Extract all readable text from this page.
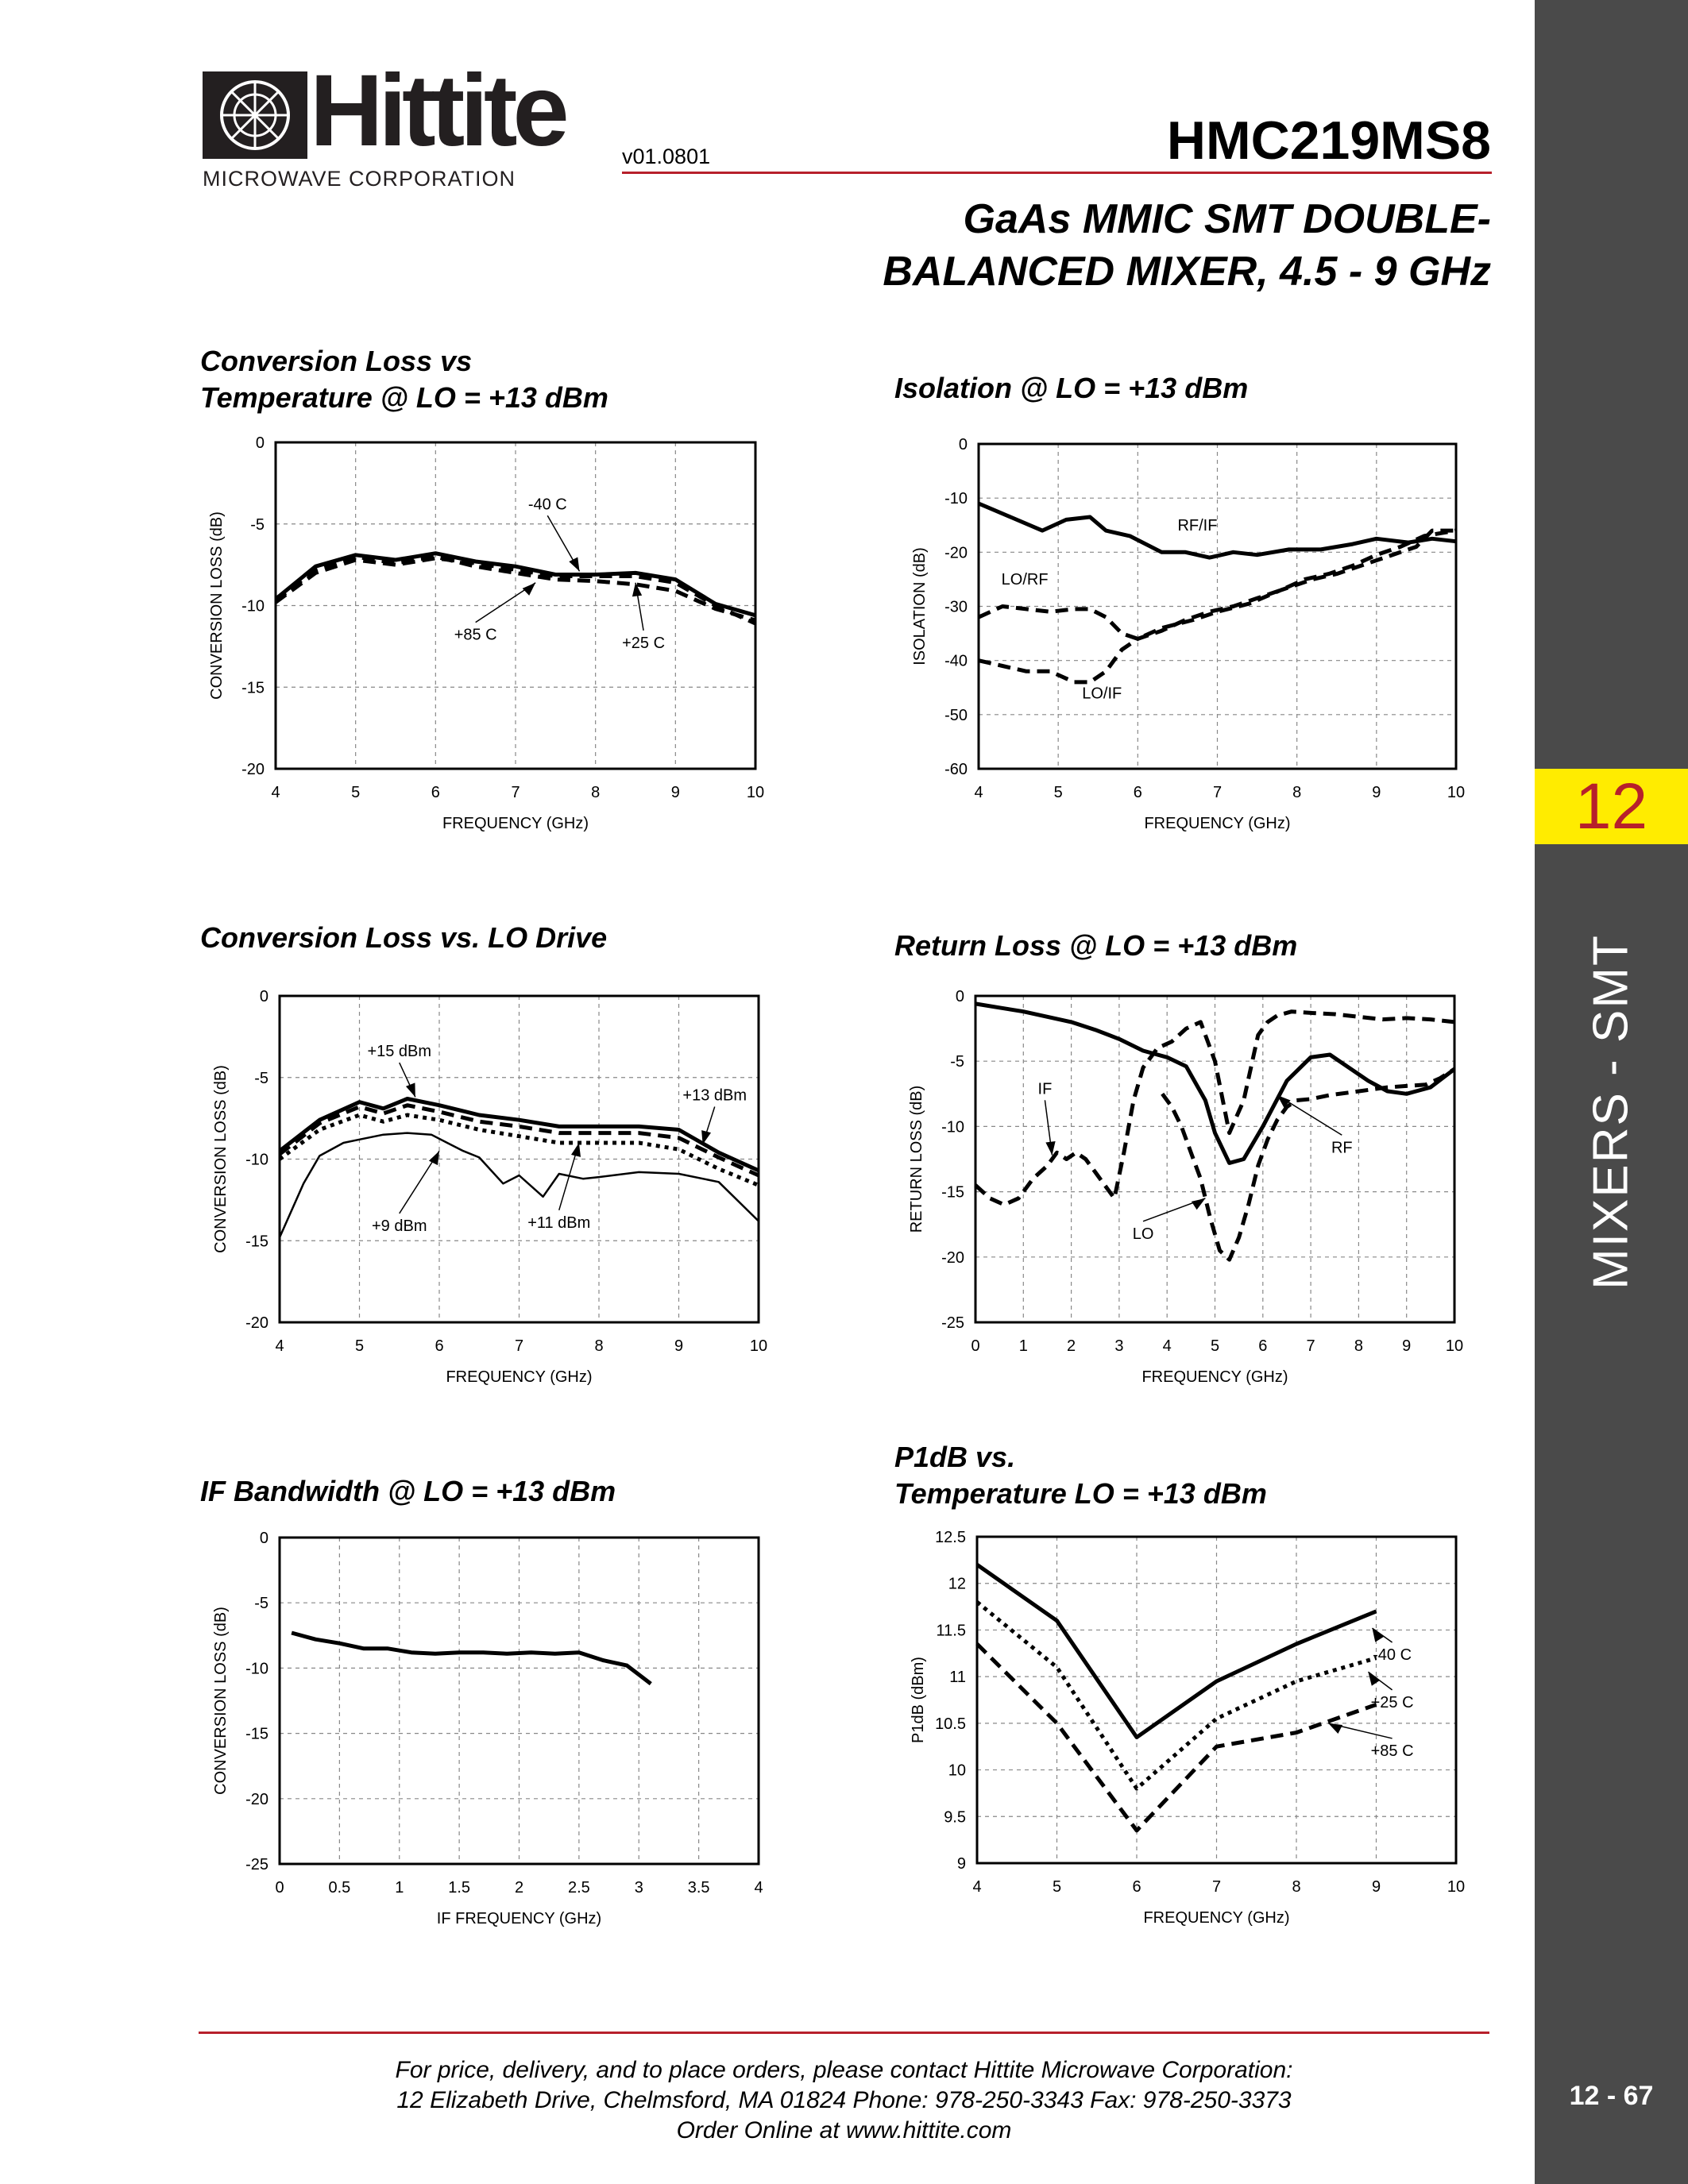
12
MIXERS - SMT
12 - 67
Hittite
MICROWAVE CORPORATION
v01.0801	HMC219MS8
GaAs MMIC SMT DOUBLE-
BALANCED MIXER, 4.5 - 9 GHz
Conversion Loss vs
Temperature @ LO = +13 dBm	Isolation @ LO = +13 dBm
Conversion Loss vs. LO Drive	Return Loss @ LO = +13 dBm
IF Bandwidth @ LO = +13 dBm
P1dB vs.
Temperature LO = +13 dBm
4	5	6	7	8	9	10
0
-5
-10
-15
-20
FREQUENCY (GHz)
CONVERSION LOSS (dB)
-40 C
+85 C	+25 C
4	5	6	7	8	9	10
0
-10
-20
-30
-40
-50
-60
FREQUENCY (GHz)
ISOLATION (dB)
RF/IF
LO/RF
LO/IF
4	5	6	7	8	9	10
0
-5
-10
-15
-20
FREQUENCY (GHz)
CONVERSION LOSS (dB)
+15 dBm
+13 dBm
+9 dBm	+11 dBm
0 1 2 3 4 5 6 7 8 9 10
0
-5
-10
-15
-20
-25
FREQUENCY (GHz)
RETURN LOSS (dB)	IF
RF
LO
0	0.5	1	1.5	2	2.5	3	3.5	4
0
-5
-10
-15
-20
-25
IF FREQUENCY (GHz)
CONVERSION LOSS (dB)
4	5	6	7	8	9	10
9
9.5
10
10.5
11
11.5
12
12.5
FREQUENCY (GHz)
P1dB (dBm)
-40 C
+25 C
+85 C
For price, delivery, and to place orders, please contact Hittite Microwave Corporation:
12 Elizabeth Drive, Chelmsford, MA 01824 Phone: 978-250-3343 Fax: 978-250-3373
Order Online at www.hittite.com
